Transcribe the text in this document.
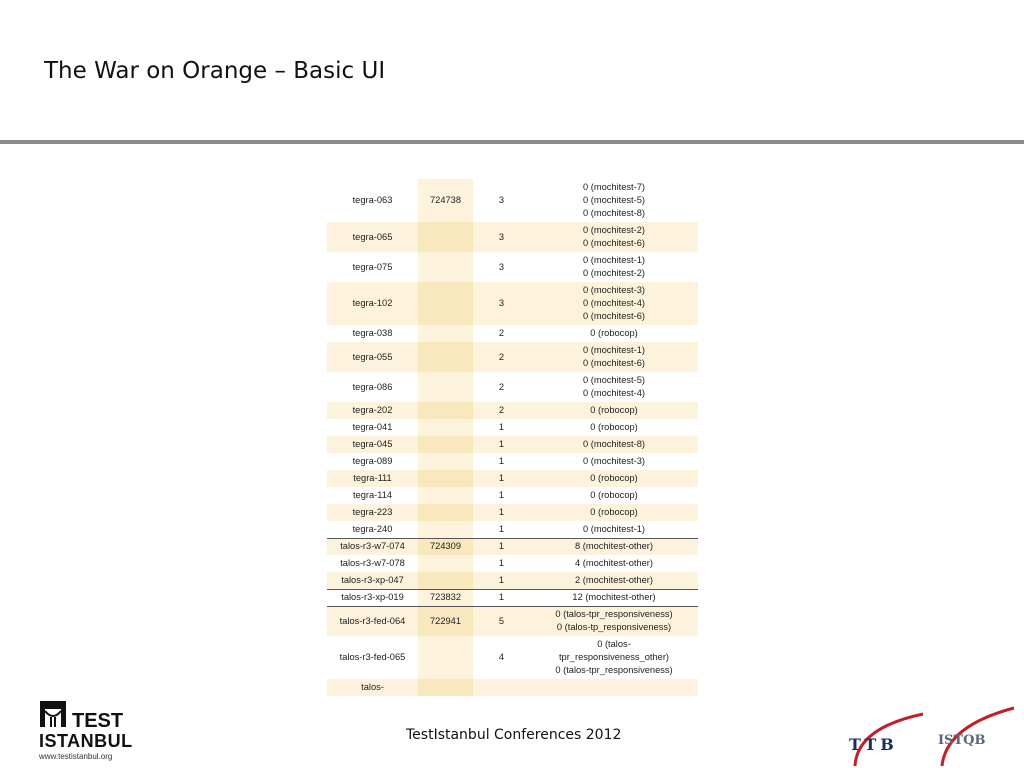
The War on Orange – Basic UI
tegra-063	724738	3	0 (mochitest-7)
0 (mochitest-5)
0 (mochitest-8)

tegra-065		3	0 (mochitest-2)
0 (mochitest-6)

tegra-075		3	0 (mochitest-1)
0 (mochitest-2)

tegra-102		3	0 (mochitest-3)
0 (mochitest-4)
0 (mochitest-6)

tegra-038		2	0 (robocop)

tegra-055		2	0 (mochitest-1)
0 (mochitest-6)

tegra-086		2	0 (mochitest-5)
0 (mochitest-4)

tegra-202		2	0 (robocop)

tegra-041		1	0 (robocop)

tegra-045		1	0 (mochitest-8)

tegra-089		1	0 (mochitest-3)

tegra-111		1	0 (robocop)

tegra-114		1	0 (robocop)

tegra-223		1	0 (robocop)

tegra-240		1	0 (mochitest-1)

talos-r3-w7-074	724309	1	8 (mochitest-other)

talos-r3-w7-078		1	4 (mochitest-other)

talos-r3-xp-047		1	2 (mochitest-other)

talos-r3-xp-019	723832	1	12 (mochitest-other)

talos-r3-fed-064	722941	5	0 (talos-tpr_responsiveness)
0 (talos-tp_responsiveness)

talos-r3-fed-065		4	0 (talos-
tpr_responsiveness_other)
0 (talos-tpr_responsiveness)

talos-			
TestIstanbul Conferences 2012
TEST
ISTANBUL
www.testistanbul.org
TTB	ISTQB
